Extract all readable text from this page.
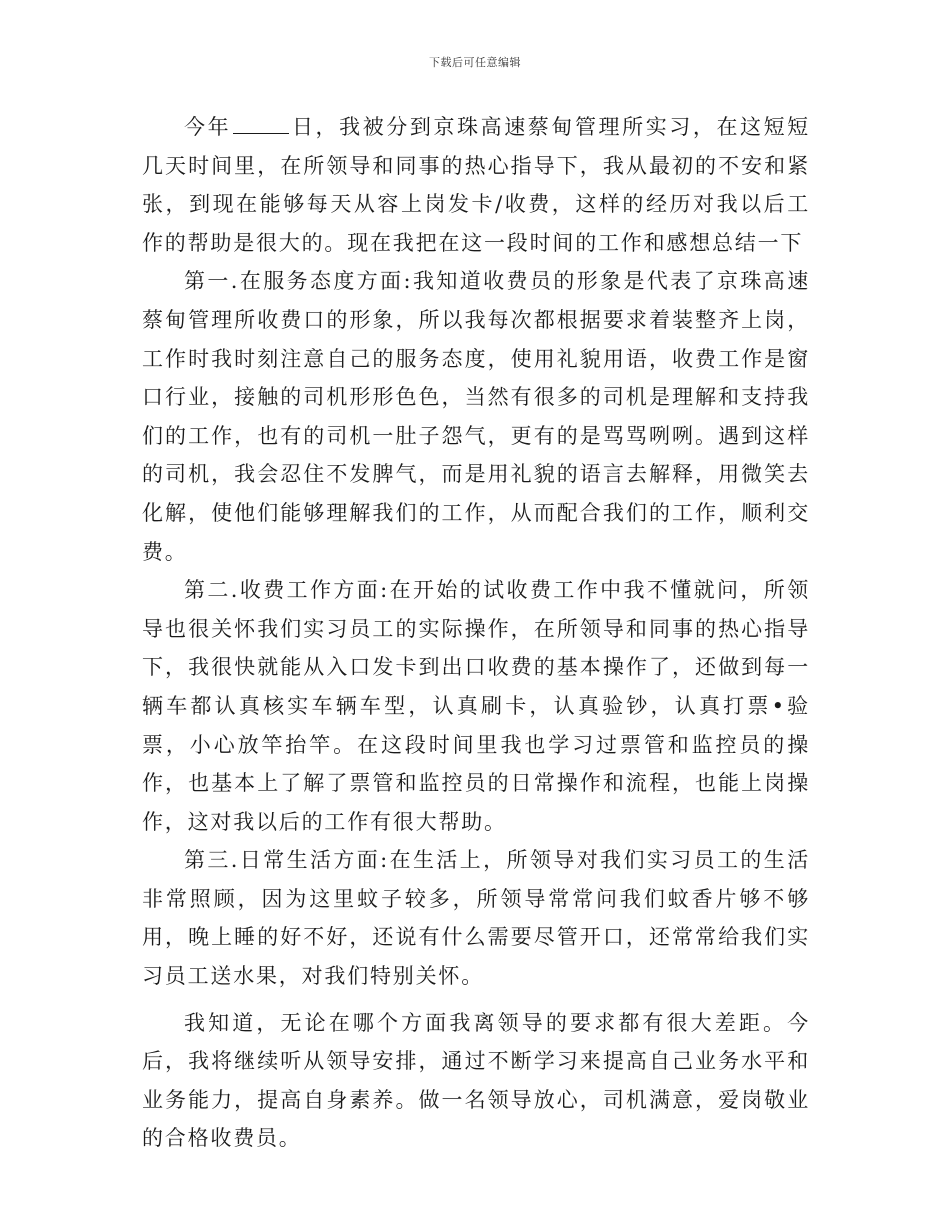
下载后可任意编辑

今年	日，我被分到京珠高速蔡甸管理所实习，在这短短几天时间里，在所领导和同事的热心指导下，我从最初的不安和紧张，到现在能够每天从容上岗发卡/收费，这样的经历对我以后工作的帮助是很大的。现在我把在这一段时间的工作和感想总结一下

第一.在服务态度方面:我知道收费员的形象是代表了京珠高速蔡甸管理所收费口的形象，所以我每次都根据要求着装整齐上岗，工作时我时刻注意自己的服务态度，使用礼貌用语，收费工作是窗口行业，接触的司机形形色色，当然有很多的司机是理解和支持我们的工作，也有的司机一肚子怨气，更有的是骂骂咧咧。遇到这样的司机，我会忍住不发脾气，而是用礼貌的语言去解释，用微笑去化解，使他们能够理解我们的工作，从而配合我们的工作，顺利交费。

第二.收费工作方面:在开始的试收费工作中我不懂就问，所领导也很关怀我们实习员工的实际操作，在所领导和同事的热心指导下，我很快就能从入口发卡到出口收费的基本操作了，还做到每一辆车都认真核实车辆车型，认真刷卡，认真验钞，认真打票•验票，小心放竿抬竿。在这段时间里我也学习过票管和监控员的操作，也基本上了解了票管和监控员的日常操作和流程，也能上岗操作，这对我以后的工作有很大帮助。

第三.日常生活方面:在生活上，所领导对我们实习员工的生活非常照顾，因为这里蚊子较多，所领导常常问我们蚊香片够不够用，晚上睡的好不好，还说有什么需要尽管开口，还常常给我们实习员工送水果，对我们特别关怀。

我知道，无论在哪个方面我离领导的要求都有很大差距。今后，我将继续听从领导安排，通过不断学习来提高自己业务水平和业务能力，提高自身素养。做一名领导放心，司机满意，爱岗敬业的合格收费员。
